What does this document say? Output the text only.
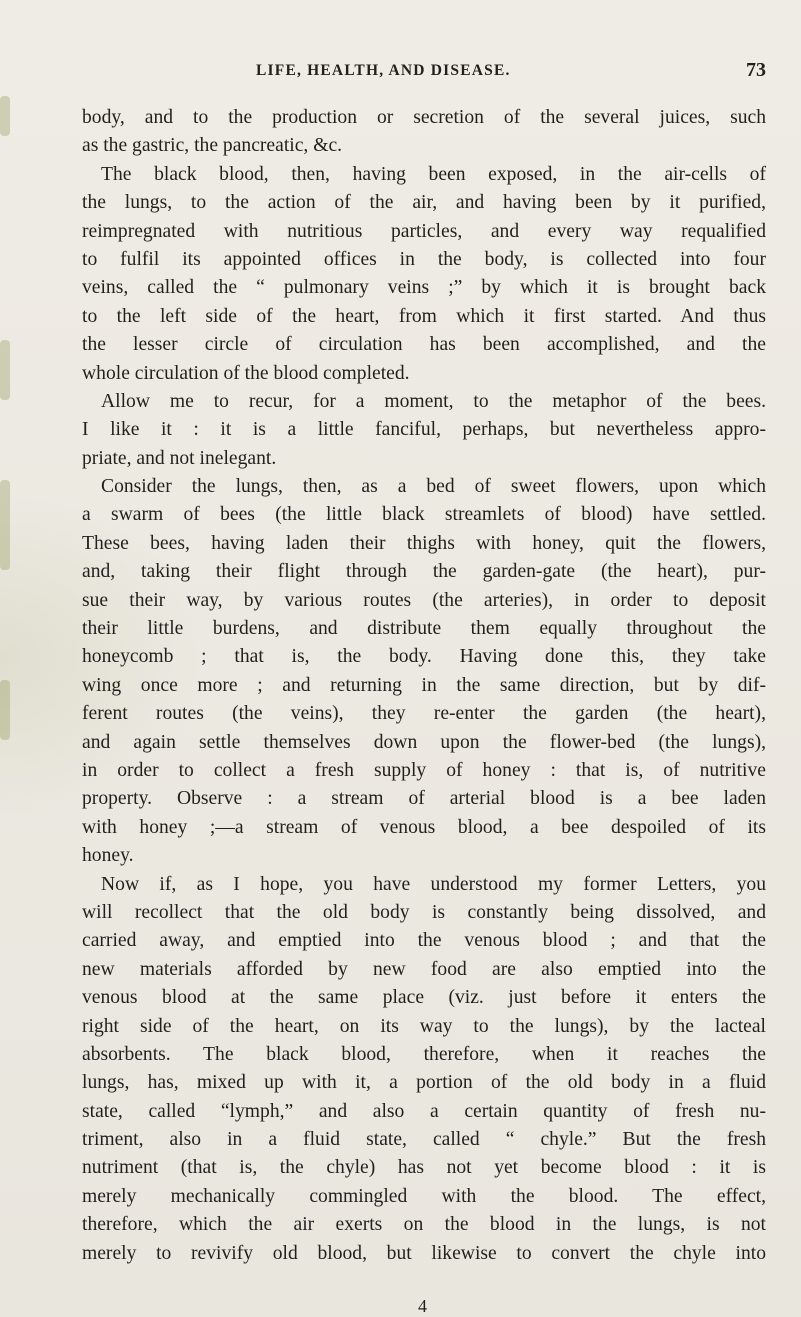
LIFE, HEALTH, AND DISEASE.	73
body, and to the production or secretion of the several juices, such
as the gastric, the pancreatic, &c.
The black blood, then, having been exposed, in the air-cells of
the lungs, to the action of the air, and having been by it purified,
reimpregnated with nutritious particles, and every way requalified
to fulfil its appointed offices in the body, is collected into four
veins, called the “ pulmonary veins ;” by which it is brought back
to the left side of the heart, from which it first started. And thus
the lesser circle of circulation has been accomplished, and the
whole circulation of the blood completed.
Allow me to recur, for a moment, to the metaphor of the bees.
I like it : it is a little fanciful, perhaps, but nevertheless appro-
priate, and not inelegant.
Consider the lungs, then, as a bed of sweet flowers, upon which
a swarm of bees (the little black streamlets of blood) have settled.
These bees, having laden their thighs with honey, quit the flowers,
and, taking their flight through the garden-gate (the heart), pur-
sue their way, by various routes (the arteries), in order to deposit
their little burdens, and distribute them equally throughout the
honeycomb ; that is, the body. Having done this, they take
wing once more ; and returning in the same direction, but by dif-
ferent routes (the veins), they re-enter the garden (the heart),
and again settle themselves down upon the flower-bed (the lungs),
in order to collect a fresh supply of honey : that is, of nutritive
property. Observe : a stream of arterial blood is a bee laden
with honey ;—a stream of venous blood, a bee despoiled of its
honey.
Now if, as I hope, you have understood my former Letters, you
will recollect that the old body is constantly being dissolved, and
carried away, and emptied into the venous blood ; and that the
new materials afforded by new food are also emptied into the
venous blood at the same place (viz. just before it enters the
right side of the heart, on its way to the lungs), by the lacteal
absorbents. The black blood, therefore, when it reaches the
lungs, has, mixed up with it, a portion of the old body in a fluid
state, called “lymph,” and also a certain quantity of fresh nu-
triment, also in a fluid state, called “ chyle.” But the fresh
nutriment (that is, the chyle) has not yet become blood : it is
merely mechanically commingled with the blood. The effect,
therefore, which the air exerts on the blood in the lungs, is not
merely to revivify old blood, but likewise to convert the chyle into
4
